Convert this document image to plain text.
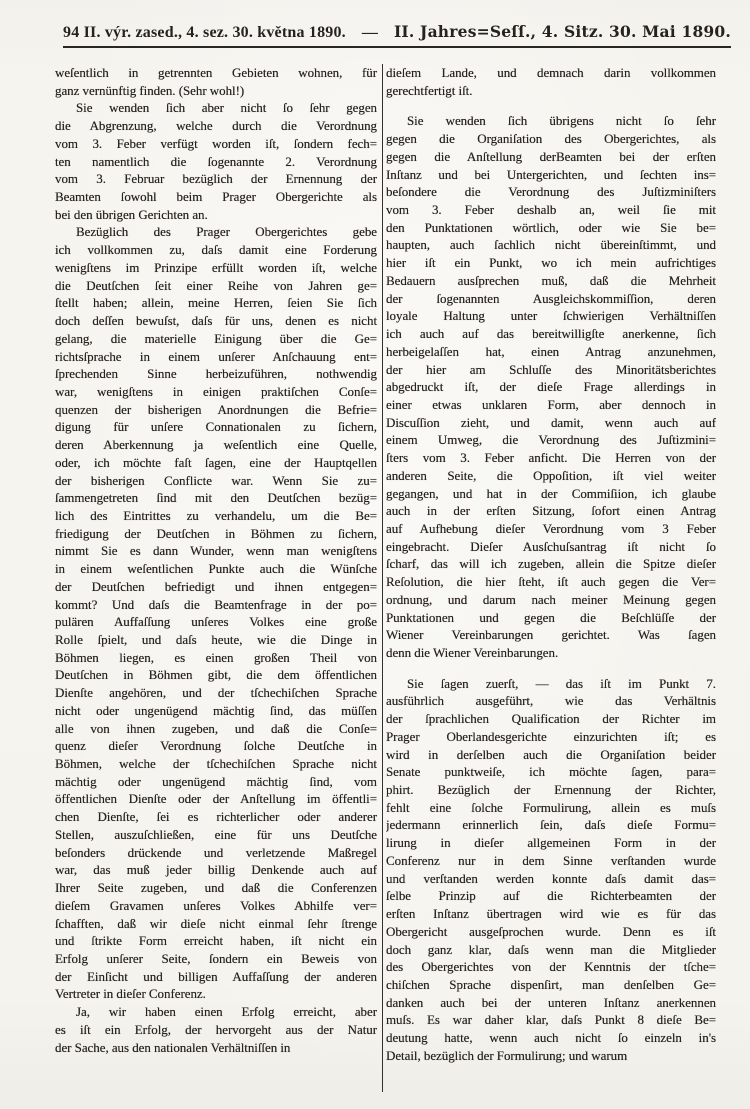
94 II. výr. zased., 4. sez. 30. května 1890. — II. Jahres=Seſſ., 4. Sitz. 30. Mai 1890.
weſentlich in getrennten Gebieten wohnen, für
ganz vernünftig finden. (Sehr wohl!)
Sie wenden ſich aber nicht ſo ſehr gegen
die Abgrenzung, welche durch die Verordnung
vom 3. Feber verfügt worden iſt, ſondern fech=
ten namentlich die ſogenannte 2. Verordnung
vom 3. Februar bezüglich der Ernennung der
Beamten ſowohl beim Prager Obergerichte als
bei den übrigen Gerichten an.
Bezüglich des Prager Obergerichtes gebe
ich vollkommen zu, daſs damit eine Forderung
wenigſtens im Prinzipe erfüllt worden iſt, welche
die Deutſchen ſeit einer Reihe von Jahren ge=
ſtellt haben; allein, meine Herren, ſeien Sie ſich
doch deſſen bewuſst, daſs für uns, denen es nicht
gelang, die materielle Einigung über die Ge=
richtsſprache in einem unſerer Anſchauung ent=
ſprechenden Sinne herbeizuführen, nothwendig
war, wenigſtens in einigen praktiſchen Conſe=
quenzen der bisherigen Anordnungen die Befrie=
digung für unſere Connationalen zu ſichern,
deren Aberkennung ja weſentlich eine Quelle,
oder, ich möchte faſt ſagen, eine der Hauptqellen
der bisherigen Conflicte war. Wenn Sie zu=
ſammengetreten ſind mit den Deutſchen bezüg=
lich des Eintrittes zu verhandelu, um die Be=
friedigung der Deutſchen in Böhmen zu ſichern,
nimmt Sie es dann Wunder, wenn man wenigſtens
in einem weſentlichen Punkte auch die Wünſche
der Deutſchen befriedigt und ihnen entgegen=
kommt? Und daſs die Beamtenfrage in der po=
pulären Auffaſſung unſeres Volkes eine große
Rolle ſpielt, und daſs heute, wie die Dinge in
Böhmen liegen, es einen großen Theil von
Deutſchen in Böhmen gibt, die dem öffentlichen
Dienſte angehören, und der tſchechiſchen Sprache
nicht oder ungenügend mächtig ſind, das müſſen
alle von ihnen zugeben, und daß die Conſe=
quenz dieſer Verordnung ſolche Deutſche in
Böhmen, welche der tſchechiſchen Sprache nicht
mächtig oder ungenügend mächtig ſind, vom
öffentlichen Dienſte oder der Anſtellung im öffentli=
chen Dienſte, ſei es richterlicher oder anderer
Stellen, auszuſchließen, eine für uns Deutſche
beſonders drückende und verletzende Maßregel
war, das muß jeder billig Denkende auch auf
Ihrer Seite zugeben, und daß die Conferenzen
dieſem Gravamen unſeres Volkes Abhilfe ver=
ſchafften, daß wir dieſe nicht einmal ſehr ſtrenge
und ſtrikte Form erreicht haben, iſt nicht ein
Erfolg unſerer Seite, ſondern ein Beweis von
der Einſicht und billigen Auffaſſung der anderen
Vertreter in dieſer Conferenz.
Ja, wir haben einen Erfolg erreicht, aber
es iſt ein Erfolg, der hervorgeht aus der Natur
der Sache, aus den nationalen Verhältniſſen in
dieſem Lande, und demnach darin vollkommen
gerechtfertigt iſt.
Sie wenden ſich übrigens nicht ſo ſehr
gegen die Organiſation des Obergerichtes, als
gegen die Anſtellung derBeamten bei der erſten
Inſtanz und bei Untergerichten, und ſechten ins=
beſondere die Verordnung des Juſtizminiſters
vom 3. Feber deshalb an, weil ſie mit
den Punktationen wörtlich, oder wie Sie be=
haupten, auch ſachlich nicht übereinſtimmt, und
hier iſt ein Punkt, wo ich mein aufrichtiges
Bedauern ausſprechen muß, daß die Mehrheit
der ſogenannten Ausgleichskommiſſion, deren
loyale Haltung unter ſchwierigen Verhältniſſen
ich auch auf das bereitwilligſte anerkenne, ſich
herbeigelaſſen hat, einen Antrag anzunehmen,
der hier am Schluſſe des Minoritätsberichtes
abgedruckt iſt, der dieſe Frage allerdings in
einer etwas unklaren Form, aber dennoch in
Discuſſion zieht, und damit, wenn auch auf
einem Umweg, die Verordnung des Juſtizmini=
ſters vom 3. Feber anficht. Die Herren von der
anderen Seite, die Oppoſition, iſt viel weiter
gegangen, und hat in der Commiſiion, ich glaube
auch in der erſten Sitzung, ſofort einen Antrag
auf Aufhebung dieſer Verordnung vom 3 Feber
eingebracht. Dieſer Ausſchuſsantrag iſt nicht ſo
ſcharf, das will ich zugeben, allein die Spitze dieſer
Reſolution, die hier ſteht, iſt auch gegen die Ver=
ordnung, und darum nach meiner Meinung gegen
Punktationen und gegen die Beſchlüſſe der
Wiener Vereinbarungen gerichtet. Was ſagen
denn die Wiener Vereinbarungen.
Sie ſagen zuerſt, — das iſt im Punkt 7.
ausführlich ausgeführt, wie das Verhältnis
der ſprachlichen Qualification der Richter im
Prager Oberlandesgerichte einzurichten iſt; es
wird in derſelben auch die Organiſation beider
Senate punktweiſe, ich möchte ſagen, para=
phirt. Bezüglich der Ernennung der Richter,
fehlt eine ſolche Formulirung, allein es muſs
jedermann erinnerlich ſein, daſs dieſe Formu=
lirung in dieſer allgemeinen Form in der
Conferenz nur in dem Sinne verſtanden wurde
und verſtanden werden konnte daſs damit das=
ſelbe Prinzip auf die Richterbeamten der
erſten Inſtanz übertragen wird wie es für das
Obergericht ausgeſprochen wurde. Denn es iſt
doch ganz klar, daſs wenn man die Mitglieder
des Obergerichtes von der Kenntnis der tſche=
chiſchen Sprache dispenſirt, man denſelben Ge=
danken auch bei der unteren Inſtanz anerkennen
muſs. Es war daher klar, daſs Punkt 8 dieſe Be=
deutung hatte, wenn auch nicht ſo einzeln in's
Detail, bezüglich der Formulirung; und warum
